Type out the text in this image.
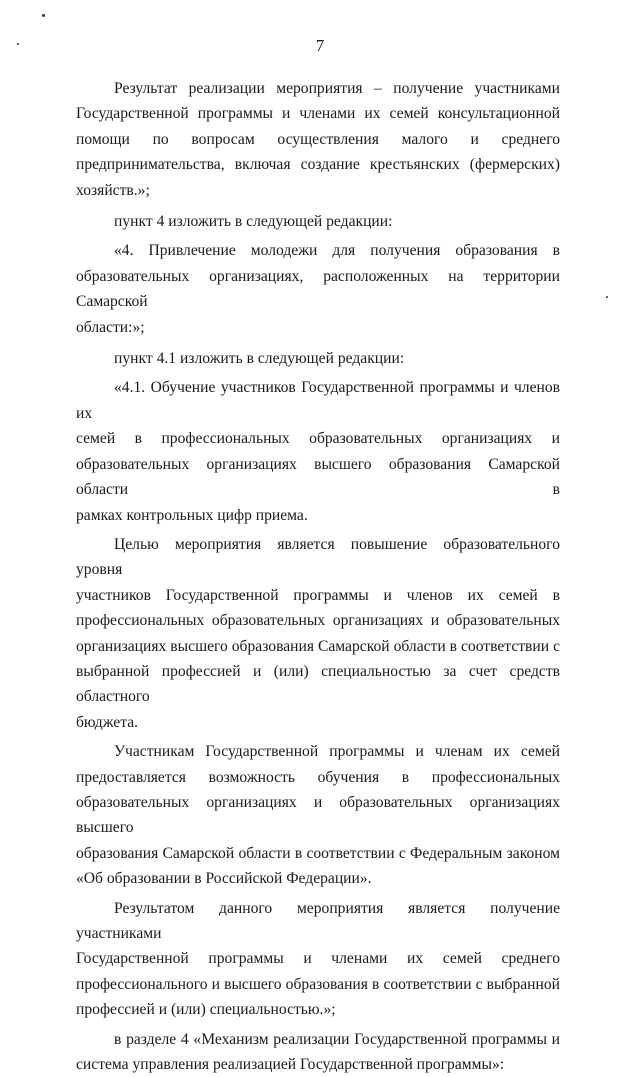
7
Результат реализации мероприятия – получение участниками
Государственной программы и членами их семей консультационной
помощи по вопросам осуществления малого и среднего
предпринимательства, включая создание крестьянских (фермерских)
хозяйств.»;
пункт 4 изложить в следующей редакции:
«4. Привлечение молодежи для получения образования в
образовательных организациях, расположенных на территории Самарской
области:»;
пункт 4.1 изложить в следующей редакции:
«4.1. Обучение участников Государственной программы и членов их
семей в профессиональных образовательных организациях и
образовательных организациях высшего образования Самарской области в
рамках контрольных цифр приема.
Целью мероприятия является повышение образовательного уровня
участников Государственной программы и членов их семей в
профессиональных образовательных организациях и образовательных
организациях высшего образования Самарской области в соответствии с
выбранной профессией и (или) специальностью за счет средств областного
бюджета.
Участникам Государственной программы и членам их семей
предоставляется возможность обучения в профессиональных
образовательных организациях и образовательных организациях высшего
образования Самарской области в соответствии с Федеральным законом
«Об образовании в Российской Федерации».
Результатом данного мероприятия является получение участниками
Государственной программы и членами их семей среднего
профессионального и высшего образования в соответствии с выбранной
профессией и (или) специальностью.»;
в разделе 4 «Механизм реализации Государственной программы и
система управления реализацией Государственной программы»:
